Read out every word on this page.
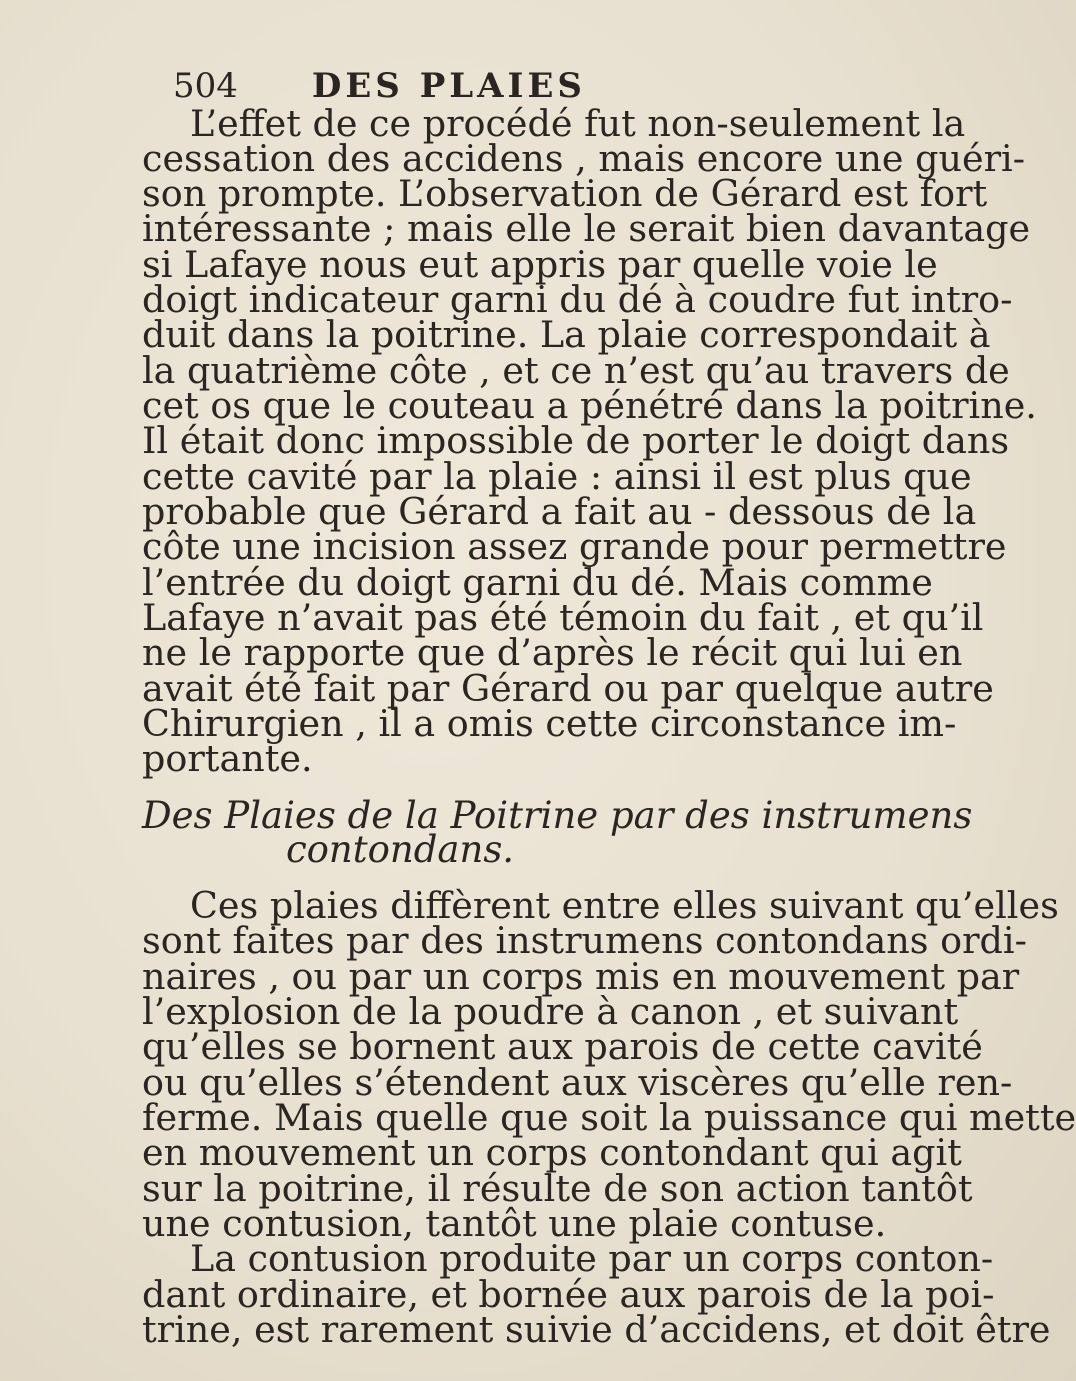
504 DES PLAIES
L’effet de ce procédé fut non-seulement la
cessation des accidens , mais encore une guéri-
son prompte. L’observation de Gérard est fort
intéressante ; mais elle le serait bien davantage
si Lafaye nous eut appris par quelle voie le
doigt indicateur garni du dé à coudre fut intro-
duit dans la poitrine. La plaie correspondait à
la quatrième côte , et ce n’est qu’au travers de
cet os que le couteau a pénétré dans la poitrine.
Il était donc impossible de porter le doigt dans
cette cavité par la plaie : ainsi il est plus que
probable que Gérard a fait au - dessous de la
côte une incision assez grande pour permettre
l’entrée du doigt garni du dé. Mais comme
Lafaye n’avait pas été témoin du fait , et qu’il
ne le rapporte que d’après le récit qui lui en
avait été fait par Gérard ou par quelque autre
Chirurgien , il a omis cette circonstance im-
portante.
Des Plaies de la Poitrine par des instrumens
contondans.
Ces plaies diffèrent entre elles suivant qu’elles
sont faites par des instrumens contondans ordi-
naires , ou par un corps mis en mouvement par
l’explosion de la poudre à canon , et suivant
qu’elles se bornent aux parois de cette cavité
ou qu’elles s’étendent aux viscères qu’elle ren-
ferme. Mais quelle que soit la puissance qui mette
en mouvement un corps contondant qui agit
sur la poitrine, il résulte de son action tantôt
une contusion, tantôt une plaie contuse.
La contusion produite par un corps conton-
dant ordinaire, et bornée aux parois de la poi-
trine, est rarement suivie d’accidens, et doit être
